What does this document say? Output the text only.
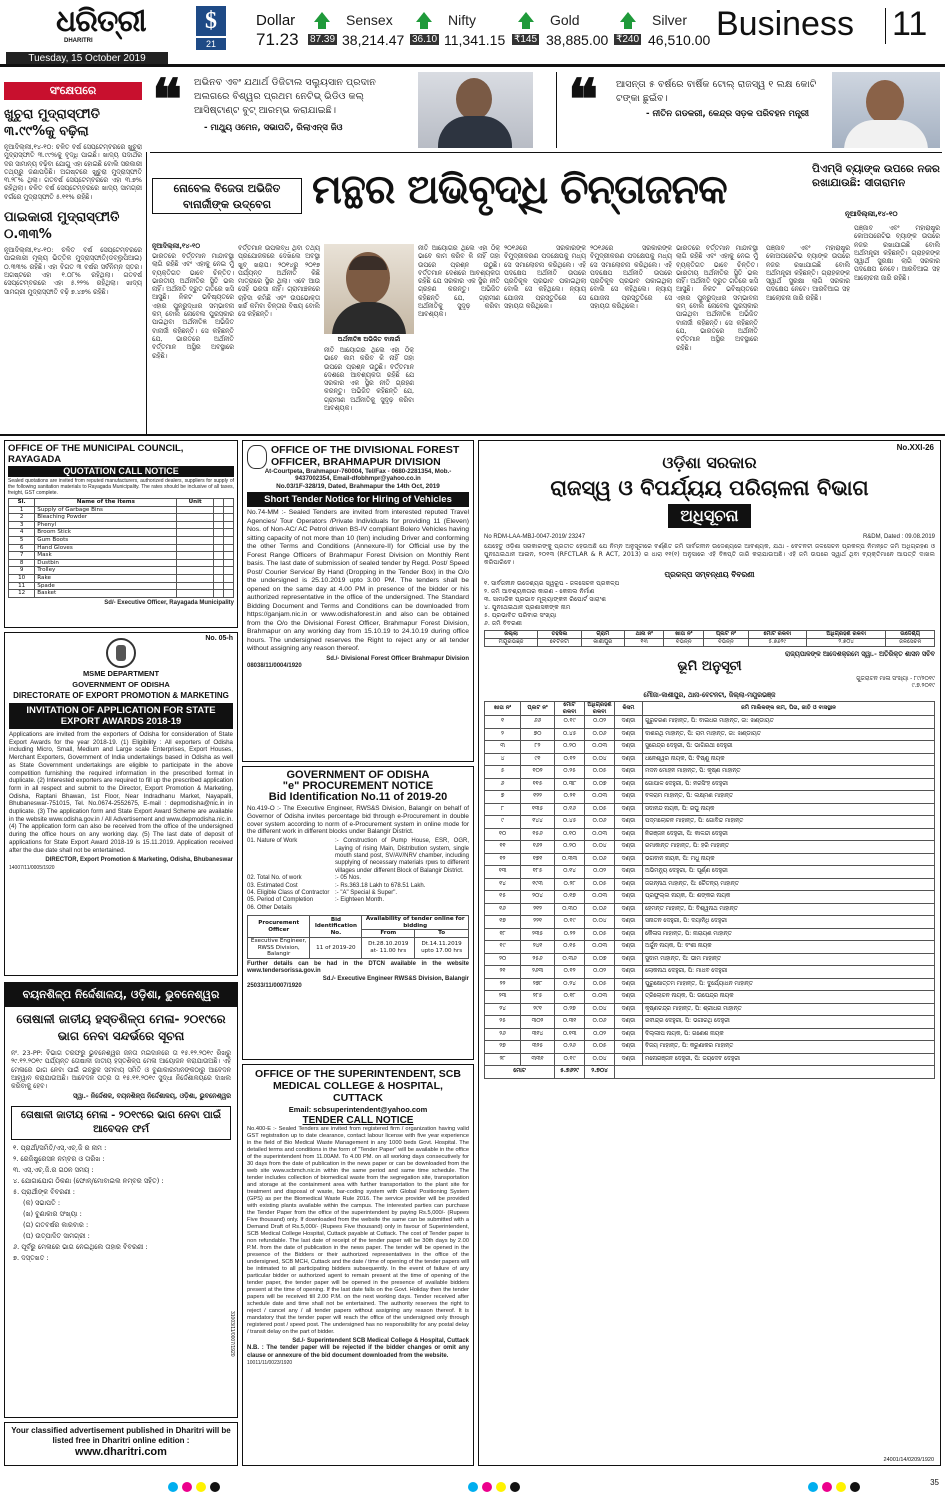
ଧରିତ୍ରୀ
DHARITRI
Tuesday, 15 October 2019
$
21
Dollar
71.23
Sensex
87.39 38,214.47
Nifty
36.10 11,341.15
Gold
₹145 38,885.00
Silver
₹240 46,510.00 Business 11
❝ ଅଭିନବ ଏବଂ ଯଥାର୍ଥ ଡିଜିଟାଲ ସଲ୍ୟୁସାନ ପ୍ରଦାନ ଅଲଗରେ ବିଶ୍ୱର ପ୍ରଥମ ନେଟିଭ୍ ଭିଡିଓ କଲ୍ ଆସିଷ୍ଟାଣ୍ଟ ବୁଟ୍ ଆରମ୍ଭ କରାଯାଇଛି।
- ମାଥ୍ୟୁ ଓମେନ, ସଭାପତି, ରିଲାଏନ୍ସ ଜିଓ	❝ ଆସନ୍ତା ୫ ବର୍ଷରେ ବାର୍ଷିକ ଟୋଲ୍ ରାଜସ୍ୱ ୧ ଲକ୍ଷ କୋଟି ଟଙ୍କା ଛୁଇଁବ।
- ନୀତିନ ଗଡକରୀ, କେନ୍ଦ୍ର ସଡ଼କ ପରିବହନ ମନ୍ତ୍ରୀ
ସଂକ୍ଷେପରେ
ଖୁଚୁରା ମୁଦ୍ରାସ୍ଫୀତି ୩.୯୯%କୁ ବଢ଼ିଲା
ନୂଆଦିଲ୍ଲୀ,୧୪-୧୦: ଚଳିତ ବର୍ଷ ସେପ୍ଟେମ୍ବରରେ ଖୁଚୁରା ମୁଦ୍ରାସ୍ଫୀତି ୩.୯୯%କୁ ବୃଦ୍ଧି ପାଇଛି। ଖାଦ୍ୟ ପଦାର୍ଥର ଦର ସାମାନ୍ୟ ବଢ଼ିବା ଯୋଗୁ ଏହା ହୋଇଛି ବୋଲି ସରକାରୀ ତଥ୍ୟରୁ ଜଣାପଡ଼ିଛି। ଅଗଷ୍ଟରେ ଖୁଚୁରା ମୁଦ୍ରାସ୍ଫୀତି ୩.୨୮% ଥିଲା। ଗତବର୍ଷ ସେପ୍ଟେମ୍ବରରେ ଏହା ୩.୭% ରହିଥିଲା। ଚଳିତ ବର୍ଷ ସେପ୍ଟେମ୍ବରରେ ଖାଦ୍ୟ ସାମଗ୍ରୀ ବର୍ଗରେ ମୁଦ୍ରାସ୍ଫୀତି ୫.୧୧% ରହିଛି।
ପାଇକାରୀ ମୁଦ୍ରାସ୍ଫୀତି ୦.୩୩%
ନୂଆଦିଲ୍ଲୀ,୧୪-୧୦: ଚଳିତ ବର୍ଷ ସେପ୍ଟେମ୍ବରରେ ପାଇକାରୀ ମୂଲ୍ୟ ଭିତ୍ତିକ ମୁଦ୍ରାସ୍ଫୀତି(ଡବ୍ଲୁପିଆଇ) ୦.୩୩% ରହିଛି। ଏହା ବିଗତ ୩ ବର୍ଷର ସର୍ବନିମ୍ନ ସ୍ତର। ଅଗଷ୍ଟରେ ଏହା ୧.୦୮% ରହିଥିଲା। ଗତବର୍ଷ ସେପ୍ଟେମ୍ବରରେ ଏହା ୫.୨୨% ରହିଥିଲା। ଖାଦ୍ୟ ସାମଗ୍ରୀ ମୁଦ୍ରାସ୍ଫୀତି ବଢ଼ି ୭.୪୭% ରହିଛି।
ନୋବେଲ ବିଜେତା ଅଭିଜିତ ବାନାର୍ଜୀଙ୍କ ଉଦ୍‌ବେଗ	ମନ୍ଥର ଅଭିବୃଦ୍ଧି ଚିନ୍ତାଜନକ	ପିଏମ୍‌ସି ବ୍ୟାଙ୍କ ଉପରେ ନଜର ରଖାଯାଉଛି: ସୀତାରାମନ
ନୂଆଦିଲ୍ଲୀ,୧୪-୧୦
ନୂଆଦିଲ୍ଲୀ,୧୪-୧୦
ଭାରତରେ ବର୍ତ୍ତମାନ ମାନ୍ଦାବସ୍ଥା ଲାଗି ରହିଛି ଏବଂ ଏହାକୁ ନେଇ ମୁଁ ବ୍ୟକ୍ତିଗତ ଭାବେ ଚିନ୍ତିତ। ଭାରତୀୟ ଅର୍ଥନୀତିର ସ୍ଥିତି ଭଲ ନାହିଁ। ଅର୍ଥନୀତି ଦ୍ରୁତ ଗତିରେ ଖସି ଆସୁଛି। ନିକଟ ଭବିଷ୍ୟତରେ ଏହାର ପୁନରୁଦ୍ଧାର ସମ୍ଭାବନା କମ୍ ବୋଲି ନୋବେଲ ପୁରସ୍କାର ପାଇଥିବା ଅର୍ଥନୀତିଜ୍ଞ ଅଭିଜିତ ବାନାର୍ଜୀ କହିଛନ୍ତି। ସେ କହିଛନ୍ତି ଯେ, ଭାରତରେ ଅର୍ଥନୀତି ବର୍ତ୍ତମାନ ଅସ୍ଥିର ଅବସ୍ଥାରେ ରହିଛି।
ବର୍ତ୍ତମାନ ଉପଲବ୍ଧ ଥିବା ତଥ୍ୟ ପ୍ରଯୋଜକରେ ଦେଖିଲେ ଅବସ୍ଥା ଖୁବ୍ ଖରାପ। ୨୦୧୪ରୁ ୨୦୧୭ ପର୍ଯ୍ୟନ୍ତ ଅର୍ଥନୀତି କିଛି ମାତ୍ରାରେ ସ୍ଥିର ଥିଲା। ଏବେ ଆଉ ସେହି ଭରସା ନାହିଁ। ଗ୍ରାମାଞ୍ଚଳରେ ଚାହିଦା କମିଛି ଏବଂ ଉପଭୋକ୍ତା ଖର୍ଚ୍ଚ କମିବା ଚିନ୍ତାର ବିଷୟ ବୋଲି ସେ କହିଛନ୍ତି।
ଅର୍ଥନୀତିଜ୍ଞ ଅଭିଜିତ ବାନାର୍ଜୀ
ନୀତି ଆୟୋଗର ଥିଲେ ଏହା ଠିକ୍ ଭାବେ କାମ କରିବ କି ନାହିଁ ତାହା ଉପରେ ପ୍ରଶ୍ନ ଉଠୁଛି। ବର୍ତ୍ତମାନ ଦେଶରେ ଆବଶ୍ୟକତା ରହିଛି ଯେ ସରକାର ଏକ ସ୍ଥିର ନୀତି ଗ୍ରହଣ କରନ୍ତୁ। ଅଭିଜିତ କହିଛନ୍ତି ଯେ, ଗ୍ରାମୀଣ ଅର୍ଥନୀତିକୁ ସୁଦୃଢ଼ କରିବା ଆବଶ୍ୟକ।
ନୀତି ଆୟୋଗର ଥିଲେ ଏହା ଠିକ୍ ଭାବେ କାମ କରିବ କି ନାହିଁ ତାହା ଉପରେ ପ୍ରଶ୍ନ ଉଠୁଛି। ବର୍ତ୍ତମାନ ଦେଶରେ ଆବଶ୍ୟକତା ରହିଛି ଯେ ସରକାର ଏକ ସ୍ଥିର ନୀତି ଗ୍ରହଣ କରନ୍ତୁ। ଅଭିଜିତ କହିଛନ୍ତି ଯେ, ଗ୍ରାମୀଣ ଅର୍ଥନୀତିକୁ ସୁଦୃଢ଼ କରିବା ଆବଶ୍ୟକ।
୨୦୧୬ରେ ସରକାରଙ୍କ ବିମୁଦ୍ରୀକରଣ ପଦକ୍ଷେପକୁ ମଧ୍ୟ ସେ ସମାଲୋଚନା କରିଥିଲେ। ଏହି ପଦକ୍ଷେପ ଅର୍ଥନୀତି ଉପରେ ପ୍ରତିକୂଳ ପ୍ରଭାବ ପକାଇଥିଲା ବୋଲି ସେ କହିଥିଲେ। ନ୍ୟାୟ ଯୋଜନା ପ୍ରସ୍ତୁତିରେ ସେ ସହାୟତା କରିଥିଲେ।
୨୦୧୬ରେ ସରକାରଙ୍କ ବିମୁଦ୍ରୀକରଣ ପଦକ୍ଷେପକୁ ମଧ୍ୟ ସେ ସମାଲୋଚନା କରିଥିଲେ। ଏହି ପଦକ୍ଷେପ ଅର୍ଥନୀତି ଉପରେ ପ୍ରତିକୂଳ ପ୍ରଭାବ ପକାଇଥିଲା ବୋଲି ସେ କହିଥିଲେ। ନ୍ୟାୟ ଯୋଜନା ପ୍ରସ୍ତୁତିରେ ସେ ସହାୟତା କରିଥିଲେ।
ଭାରତରେ ବର୍ତ୍ତମାନ ମାନ୍ଦାବସ୍ଥା ଲାଗି ରହିଛି ଏବଂ ଏହାକୁ ନେଇ ମୁଁ ବ୍ୟକ୍ତିଗତ ଭାବେ ଚିନ୍ତିତ। ଭାରତୀୟ ଅର୍ଥନୀତିର ସ୍ଥିତି ଭଲ ନାହିଁ। ଅର୍ଥନୀତି ଦ୍ରୁତ ଗତିରେ ଖସି ଆସୁଛି। ନିକଟ ଭବିଷ୍ୟତରେ ଏହାର ପୁନରୁଦ୍ଧାର ସମ୍ଭାବନା କମ୍ ବୋଲି ନୋବେଲ ପୁରସ୍କାର ପାଇଥିବା ଅର୍ଥନୀତିଜ୍ଞ ଅଭିଜିତ ବାନାର୍ଜୀ କହିଛନ୍ତି। ସେ କହିଛନ୍ତି ଯେ, ଭାରତରେ ଅର୍ଥନୀତି ବର୍ତ୍ତମାନ ଅସ୍ଥିର ଅବସ୍ଥାରେ ରହିଛି।
ପଞ୍ଜାବ ଏବଂ ମହାରାଷ୍ଟ୍ର କୋଅପରେଟିଭ ବ୍ୟାଙ୍କ ଉପରେ ନଜର ରଖାଯାଇଛି ବୋଲି ଅର୍ଥମନ୍ତ୍ରୀ କହିଛନ୍ତି। ଗ୍ରାହକଙ୍କ ସ୍ୱାର୍ଥ ସୁରକ୍ଷା ଲାଗି ସରକାର ପଦକ୍ଷେପ ନେବେ। ଆରବିଆଇ ସହ ଆଲୋଚନା ଜାରି ରହିଛି।
ପଞ୍ଜାବ ଏବଂ ମହାରାଷ୍ଟ୍ର କୋଅପରେଟିଭ ବ୍ୟାଙ୍କ ଉପରେ ନଜର ରଖାଯାଇଛି ବୋଲି ଅର୍ଥମନ୍ତ୍ରୀ କହିଛନ୍ତି। ଗ୍ରାହକଙ୍କ ସ୍ୱାର୍ଥ ସୁରକ୍ଷା ଲାଗି ସରକାର ପଦକ୍ଷେପ ନେବେ। ଆରବିଆଇ ସହ ଆଲୋଚନା ଜାରି ରହିଛି।
OFFICE OF THE MUNICIPAL COUNCIL, RAYAGADA
QUOTATION CALL NOTICE
Sealed quotations are invited from reputed manufacturers, authorized dealers, suppliers for supply of the following sanitation materials to Rayagada Municipality. The rates should be inclusive of all taxes, freight, GST complete.
Sl.	Name of the items	Unit		
1	Supply of Garbage Bins			
2	Bleaching Powder			
3	Phenyl			
4	Broom Stick			
5	Gum Boots			
6	Hand Gloves			
7	Mask			
8	Dustbin			
9	Trolley			
10	Rake			
11	Spade			
12	Basket			
Sd/- Executive Officer, Rayagada Municipality
No. 05-h
MSME DEPARTMENT
GOVERNMENT OF ODISHA
DIRECTORATE OF EXPORT PROMOTION & MARKETING
INVITATION OF APPLICATION FOR STATE EXPORT AWARDS 2018-19
Applications are invited from the exporters of Odisha for consideration of State Export Awards for the year 2018-19. (1) Eligibility : All exporters of Odisha including Micro, Small, Medium and Large scale Enterprises, Export Houses, Merchant Exporters, Government of India undertakings based in Odisha as well as State Government undertakings are eligible to participate in the above competition furnishing the required information in the prescribed format in duplicate. (2) Interested exporters are required to fill up the prescribed application form in all respect and submit to the Director, Export Promotion & Marketing, Odisha, Raptani Bhawan, 1st Floor, Near Indradhanu Market, Nayapalli, Bhubaneswar-751015, Tel. No.0674-2552675, E-mail : depmodisha@nic.in in duplicate. (3) The application form and State Export Award Scheme are available in the website www.odisha.gov.in / All Advertisement and www.depmodisha.nic.in. (4) The application form can also be received from the office of the undersigned during the office hours on any working day. (5) The last date of deposit of applications for State Export Award 2018-19 is 15.11.2019. Application received after the due date shall not be entertained.
DIRECTOR, Export Promotion & Marketing, Odisha, Bhubaneswar
14007/11/0005/1920
ବୟନଶିଳ୍ପ ନିର୍ଦ୍ଦେଶାଳୟ, ଓଡ଼ିଶା, ଭୁବନେଶ୍ୱର
ତୋଷାଳୀ ଜାତୀୟ ହସ୍ତଶିଳ୍ପ ମେଳା- ୨୦୧୯ରେ ଭାଗ ନେବା ସନ୍ଦର୍ଭରେ ସୂଚନା
ନଂ. 23-PP: ବିଭାଗ ତରଫରୁ ଭୁବନେଶ୍ୱର ଜନତା ମଇଦାନରେ ତା ୧୫.୧୨.୨୦୧୯ ରିଖରୁ ୨୯.୧୨.୨୦୧୯ ପର୍ଯ୍ୟନ୍ତ ତୋଷାଳୀ ଜାତୀୟ ହସ୍ତଶିଳ୍ପ ମେଳା ଆୟୋଜନ କରାଯାଉଅଛି। ଏହି ମେଳାରେ ଭାଗ ନେବା ପାଇଁ ଇଚ୍ଛୁକ ସମବାୟ ସମିତି ଓ ବୁଣାକାରମାନଙ୍କଠାରୁ ଆବେଦନ ଆହ୍ୱାନ କରାଯାଉଅଛି। ଆବେଦନ ପତ୍ର ତା ୧୫.୧୧.୨୦୧୯ ସୁଦ୍ଧା ନିର୍ଦ୍ଦେଶାଳୟରେ ଦାଖଲ କରିବାକୁ ହେବ।
ସ୍ୱା.- ନିର୍ଦ୍ଦେଶକ, ବୟନଶିଳ୍ପ ନିର୍ଦ୍ଦେଶାଳୟ, ଓଡ଼ିଶା, ଭୁବନେଶ୍ୱର
ତୋଷାଳୀ ଜାତୀୟ ମେଳା - ୨୦୧୯ରେ ଭାଗ ନେବା ପାଇଁ ଆବେଦନ ଫର୍ମ
୧. ପ୍ରାର୍ଥୀ/ସମିତି/ଏସ୍.ଏଚ୍.ଜି ର ନାମ :
୨. ରେଜିଷ୍ଟ୍ରେସନ ନମ୍ବର ଓ ତାରିଖ :
୩. ଏସ୍.ଏଚ୍.ଜି.ର ଗଠନ ସମୟ :
୪. ଯୋଗାଯୋଗ ଠିକଣା (ଫୋନ୍/ମୋବାଇଲ ନମ୍ବର ସହିତ) :
୫. ପ୍ରାର୍ଥୀଙ୍କ ବିବରଣୀ :
(କ) ସଭାପତି :
(ଖ) ବୁଣାକାର ସଂଖ୍ୟା :
(ଗ) ଗତବର୍ଷର କାରବାର :
(ଘ) ଉତ୍ପାଦିତ ସାମଗ୍ରୀ :
୬. ପୂର୍ବରୁ ମେଳାରେ ଭାଗ ନେଇଥିଲେ ତାହାର ବିବରଣୀ :
୭. ଦସ୍ତଖତ :
31003/11/0007/1920
Your classified advertisement published in Dharitri will be listed free in Dharitri online edition :
www.dharitri.com
OFFICE OF THE DIVISIONAL FOREST OFFICER, BRAHMAPUR DIVISION
At-Courtpeta, Brahmapur-760004, Tel/Fax - 0680-2281354, Mob.- 9437002354, Email-dfobhmpr@yahoo.co.in
No.03/1F-328/19, Dated, Brahmapur the 14th Oct, 2019
Short Tender Notice for Hiring of Vehicles
No.74-MM :- Sealed Tenders are invited from interested reputed Travel Agencies/ Tour Operators /Private Individuals for providing 11 (Eleven) Nos. of Non-AC/ AC Petrol driven BS-IV compliant Bolero Vehicles having sitting capacity of not more than 10 (ten) including Driver and conforming the other Terms and Conditions (Annexure-II) for Official use by the Forest Range Officers of Brahmapur Forest Division on Monthly Rent basis. The last date of submission of sealed tender by Regd. Post/ Speed Post/ Courier Service/ By Hand (Dropping in the Tender Box) in the O/o the undersigned is 25.10.2019 upto 3.00 PM. The tenders shall be opened on the same day at 4.00 PM in presence of the bidder or his authorized representative in the office of the undersigned. The Standard Bidding Document and Terms and Conditions can be downloaded from https://ganjam.nic.in or www.odishaforest.in and also can be obtained from the O/o the Divisional Forest Officer, Brahmapur Forest Division, Brahmapur on any working day from 15.10.19 to 24.10.19 during office hours. The undersigned reserves the Right to reject any or all tender without assigning any reason thereof.
Sd./- Divisional Forest Officer Brahmapur Division
08038/11/0004/1920
GOVERNMENT OF ODISHA
"e" PROCUREMENT NOTICE
Bid Identification No.11 of 2019-20
No.419-O :- The Executive Engineer, RWS&S Division, Balangir on behalf of Governor of Odisha invites percentage bid through e-Procurement in double cover system according to norm of e-Procurement system in online mode for the different work in different blocks under Balangir District.
01. Nature of Work	:- Construction of Pump House, ESR, OGR, Laying of rising Main, Distribution system, single mouth stand post, SV/AV/NRV chamber, including supplying of necessary materials rpws to different villages under different Block of Balangir District.
02. Total No. of work	:- 05 Nos.
03. Estimated Cost	:- Rs.363.18 Lakh to 678.51 Lakh.
04. Eligible Class of Contractor :- "A" Special & Super".
05. Period of Completion	:- Eighteen Month.
06. Other Details
Procurement Officer	Bid Identification No.	Availability of tender online for bidding	
		From	To
Executive Engineer, RWSS Division, Balangir	11 of 2019-20	Dt.28.10.2019 at- 11.00 hrs	Dt.14.11.2019 upto 17.00 hrs
Further details can be had in the DTCN available in the website www.tendersorissa.gov.in
Sd./- Executive Engineer RWS&S Division, Balangir
25033/11/0007/1920
OFFICE OF THE SUPERINTENDENT, SCB MEDICAL COLLEGE & HOSPITAL, CUTTACK
Email: scbsuperintendent@yahoo.com
TENDER CALL NOTICE
No.400-E :- Sealed Tenders are invited from registered firm / organization having valid GST registration up to date clearance, contact labour license with five year experience in the field of Bio Medical Waste Management in any 1000 beds Govt. Hospital. The detailed terms and conditions in the form of "Tender Paper" will be available in the office of the superintendent from 11.00AM. To 4.00 PM. on all working days consecutively for 30 days from the date of publication in the news paper or can be downloaded from the web site www.scbmch.nic.in within the same period and same time schedule. The tender includes collection of biomedical waste from the segregation site, transportation and storage at the containment area with further transportation to the plant site for treatment and disposal of waste, bar-coding system with Global Positioning System (GPS) as per the Biomedical Waste Rule 2016. The service provider will be provided with existing plants available within the campus. The interested parties can purchase the Tender Paper from the office of the superintendent by paying Rs.5,000/- (Rupees Five thousand) only. If downloaded from the website the same can be submitted with a Demand Draft of Rs.5,000/- (Rupees Five thousand) only in favour of Superintendent, SCB Medical College Hospital, Cuttack payable at Cuttack. The cost of Tender paper is non refundable. The last date of receipt of the tender paper will be 30th days by 2.00 P.M. from the date of publication in the news paper. The tender will be opened in the presence of the Bidders or their authorized representatives in the office of the undersigned, SCB MCH, Cuttack and the date / time of opening of the tender papers will be intimated to all participating bidders subsequently. In the event of failure of any particular bidder or authorized agent to remain present at the time of opening of the tender paper, the tender paper will be opened in the presence of available bidders present at the time of opening. If the last date falls on the Govt. Holiday then the tender papers will be received till 2.00 P.M. on the next working days. Tender received after schedule date and time shall not be entertained. The authority reserves the right to reject / cancel any / all tender papers without assigning any reason thereof. It is mandatory that the tender paper will reach the office of the undersigned only through registered post / speed post. The undersigned has no responsibility for any postal delay / transit delay on the part of bidder.
Sd./- Superintendent SCB Medical College & Hospital, Cuttack
N.B. : The tender paper will be rejected if the bidder changes or omit any clause or annexure of the bid document downloaded from the website.
10011/11/0023/1920
No.XXI-26
ଓଡ଼ିଶା ସରକାର
ରାଜସ୍ୱ ଓ ବିପର୍ଯ୍ୟୟ ପରିଚାଳନା ବିଭାଗ
ଅଧିସୂଚନା
No RDM-LAA-MBJ-0047-2019/ 23247	R&DM, Dated : 09.08.2019
ଯେହେତୁ ଓଡ଼ିଶା ସରକାରଙ୍କୁ ପ୍ରତୀତ ହେଉଅଛି ଯେ ନିମ୍ନ ଅନୁସୂଚୀରେ ବର୍ଣ୍ଣିତ ଜମି ସାର୍ବଜନୀନ ଉଦ୍ଦେଶ୍ୟରେ ଆବଶ୍ୟକ, ଯଥା - ବେଟନଟୀ ଜଳସେଚନ ପ୍ରକଳ୍ପ ନିମନ୍ତେ ଜମି ଅଧିଗ୍ରହଣ ଓ ପୁନଃଥଇଥାନ ଆଇନ, ୨୦୧୩ (RFCTLAR & R ACT, 2013) ର ଧାରା ୧୧(୧) ଅନୁସାରେ ଏହି ବିଜ୍ଞପ୍ତି ଜାରି କରାଯାଉଅଛି। ଏହି ଜମି ଉପରେ ସ୍ୱାର୍ଥ ଥିବା ବ୍ୟକ୍ତିମାନେ ଆପତ୍ତି ଦାଖଲ କରିପାରିବେ।
ପ୍ରକଳ୍ପ ସମ୍ବନ୍ଧୀୟ ବିବରଣୀ
୧. ସାର୍ବଜନୀନ ଉଦ୍ଦେଶ୍ୟର ସ୍ୱରୂପ - ଜଳସେଚନ ପ୍ରକଳ୍ପ
୨. ଜମି ଆବଶ୍ୟକତାର କାରଣ - କେନାଲ ନିର୍ମାଣ
୩. ସାମାଜିକ ପ୍ରଭାବ ମୂଲ୍ୟାଙ୍କନ ରିପୋର୍ଟ ସାରାଂଶ
୪. ପୁନଃଥଇଥାନ ପ୍ରଶାସକଙ୍କ ନାମ
୫. ପ୍ରଭାବିତ ପରିବାର ସଂଖ୍ୟା
୬. ଜମି ବିବରଣୀ
ଜିଲ୍ଲା	ତହସିଲ	ଗ୍ରାମ	ଥାନା ନଂ	ଖାତା ନଂ	ପ୍ଲଟ ନଂ	ମୋଟ ରକବା	ଅଧିଗ୍ରହଣ ରକବା	ଉଦ୍ଦେଶ୍ୟ
ମୟୂରଭଞ୍ଜ	ବେଟନଟୀ	କାଶୀପୁର	୧୩	ବିଭିନ୍ନ	ବିଭିନ୍ନ	୫.୭୬୨୯	୨.୭୦୪	ଜଳସେଚନ
ରାଜ୍ୟପାଳଙ୍କ ଆଦେଶକ୍ରମେ ସ୍ୱା.- ଅତିରିକ୍ତ ଶାସନ ସଚିବ
ଭୂମି ଅନୁସୂଚୀ
ଗୁଜରାଟନ ମାଳା ସଂଖ୍ୟା - ୮୯/୨୦୧୯
୯.୭.୨୦୧୯
ମୌଜା-କାଶୀପୁର, ଥାନା-ବେଟନଟୀ, ଜିଲ୍ଲା-ମୟୂରଭଞ୍ଜ
ଖାତା ନଂ	ପ୍ଲଟ ନଂ	ମୋଟ ରକବା	ଅଧିଗ୍ରହଣ ରକବା	କିସମ	ଜମି ମାଲିକଙ୍କ ନାମ, ପିତା, ଜାତି ଓ ବାସସ୍ଥାନ
୧	୬୬	୦.୧୯	୦.୦୨	ଦଣ୍ଡା	ଗୁରୁଚରଣ ମାହାନ୍ତ, ପି: ବାଇଧର ମାହାନ୍ତ, ଜା: ଖଣ୍ଡାୟତ
୨	୭୦	୦.୪୫	୦.୦୬	ଦଣ୍ଡା	ଦାଶରଥି ମାହାନ୍ତ, ପି: ରାମ ମାହାନ୍ତ, ଜା: ଖଣ୍ଡାୟତ
୩	୮୨	୦.୨୦	୦.୦୩	ଦଣ୍ଡା	ସୁରେନ୍ଦ୍ର ଦେହୁରୀ, ପି: ଭାଗିରଥୀ ଦେହୁରୀ
୪	୯୧	୦.୧୨	୦.୦୪	ଦଣ୍ଡା	ଧନେଶ୍ୱର ନାୟକ, ପି: ବିଷ୍ଣୁ ନାୟକ
୫	୧୦୨	୦.୨୫	୦.୦୫	ଦଣ୍ଡା	ମଦନ ମୋହନ ମାହାନ୍ତ, ପି: କୃଷ୍ଣ ମାହାନ୍ତ
୬	୧୧୫	୦.୩୮	୦.୦୭	ଦଣ୍ଡା	ଗୋପାଳ ଦେହୁରୀ, ପି: ନରସିଂହ ଦେହୁରୀ
୭	୧୨୨	୦.୨୧	୦.୦୩	ଦଣ୍ଡା	ବଳରାମ ମାହାନ୍ତ, ପି: ଲକ୍ଷ୍ମଣ ମାହାନ୍ତ
୮	୧୩୫	୦.୧୬	୦.୦୫	ଦଣ୍ଡା	ସଦାନନ୍ଦ ନାୟକ, ପି: ରଘୁ ନାୟକ
୯	୧୪୪	୦.୪୫	୦.୦୬	ଦଣ୍ଡା	ପଦ୍ମଲୋଚନ ମାହାନ୍ତ, ପି: ଗୋବିନ୍ଦ ମାହାନ୍ତ
୧୦	୧୫୬	୦.୧୦	୦.୦୩	ଦଣ୍ଡା	ନିରଞ୍ଜନ ଦେହୁରୀ, ପି: କାଳନ୍ଦୀ ଦେହୁରୀ
୧୧	୧୬୨	୦.୨୦	୦.୦୪	ଦଣ୍ଡା	ରମାକାନ୍ତ ମାହାନ୍ତ, ପି: ହରି ମାହାନ୍ତ
୧୨	୧୭୧	୦.୩୩	୦.୦୬	ଦଣ୍ଡା	ଭଗବାନ ନାୟକ, ପି: ମଧୁ ନାୟକ
୧୩	୧୮୫	୦.୧୪	୦.୦୨	ଦଣ୍ଡା	ଅଭିମନ୍ୟୁ ଦେହୁରୀ, ପି: ପୂର୍ଣ୍ଣ ଦେହୁରୀ
୧୪	୧୯୩	୦.୨୮	୦.୦୫	ଦଣ୍ଡା	ଜଗନ୍ନାଥ ମାହାନ୍ତ, ପି: ଚୈତନ୍ୟ ମାହାନ୍ତ
୧୫	୨୦୪	୦.୧୭	୦.୦୩	ଦଣ୍ଡା	ପ୍ରଫୁଲ୍ଲ ନାୟକ, ପି: ଶଙ୍କର ନାୟକ
୧୬	୨୧୨	୦.୩୦	୦.୦୬	ଦଣ୍ଡା	ହେମନ୍ତ ମାହାନ୍ତ, ପି: ବିଶ୍ୱନାଥ ମାହାନ୍ତ
୧୭	୨୨୧	୦.୧୯	୦.୦୪	ଦଣ୍ଡା	ସନାତନ ଦେହୁରୀ, ପି: ଦୟାନିଧି ଦେହୁରୀ
୧୮	୨୩୫	୦.୨୨	୦.୦୫	ଦଣ୍ଡା	କୈଳାସ ମାହାନ୍ତ, ପି: ନାରାୟଣ ମାହାନ୍ତ
୧୯	୨୪୧	୦.୧୫	୦.୦୩	ଦଣ୍ଡା	ଅର୍ଜୁନ ନାୟକ, ପି: ବଂଶୀ ନାୟକ
୨୦	୨୫୬	୦.୩୬	୦.୦୭	ଦଣ୍ଡା	ସୁଦାମ ମାହାନ୍ତ, ପି: ଭୀମ ମାହାନ୍ତ
୨୧	୨୬୩	୦.୧୨	୦.୦୨	ଦଣ୍ଡା	ଲୋକନାଥ ଦେହୁରୀ, ପି: ମାଧବ ଦେହୁରୀ
୨୨	୨୭୮	୦.୨୪	୦.୦୫	ଦଣ୍ଡା	ପୁରୁଷୋତ୍ତମ ମାହାନ୍ତ, ପି: ଦୁର୍ଯ୍ୟୋଧନ ମାହାନ୍ତ
୨୩	୨୮୫	୦.୧୮	୦.୦୩	ଦଣ୍ଡା	ତ୍ରିଲୋଚନ ନାୟକ, ପି: ଉପେନ୍ଦ୍ର ନାୟକ
୨୪	୨୯୧	୦.୨୭	୦.୦୪	ଦଣ୍ଡା	କୃଷ୍ଣଚନ୍ଦ୍ର ମାହାନ୍ତ, ପି: ଶ୍ରୀଧର ମାହାନ୍ତ
୨୫	୩୦୨	୦.୩୧	୦.୦୬	ଦଣ୍ଡା	ରବୀନ୍ଦ୍ର ଦେହୁରୀ, ପି: ଭଗୀରଥି ଦେହୁରୀ
୨୬	୩୧୪	୦.୧୩	୦.୦୨	ଦଣ୍ଡା	ଦିଲ୍ଲୀପ ନାୟକ, ପି: ଗଣେଶ ନାୟକ
୨୭	୩୨୫	୦.୨୬	୦.୦୫	ଦଣ୍ଡା	ବିଜୟ ମାହାନ୍ତ, ପି: କରୁଣାକର ମାହାନ୍ତ
୨୮	୩୩୧	୦.୧୯	୦.୦୪	ଦଣ୍ଡା	ମନୋରଞ୍ଜନ ଦେହୁରୀ, ପି: ଜୟଦେବ ଦେହୁରୀ
ମୋଟ		୫.୭୬୨୯	୨.୭୦୪		
24001/14/0209/1920
35
